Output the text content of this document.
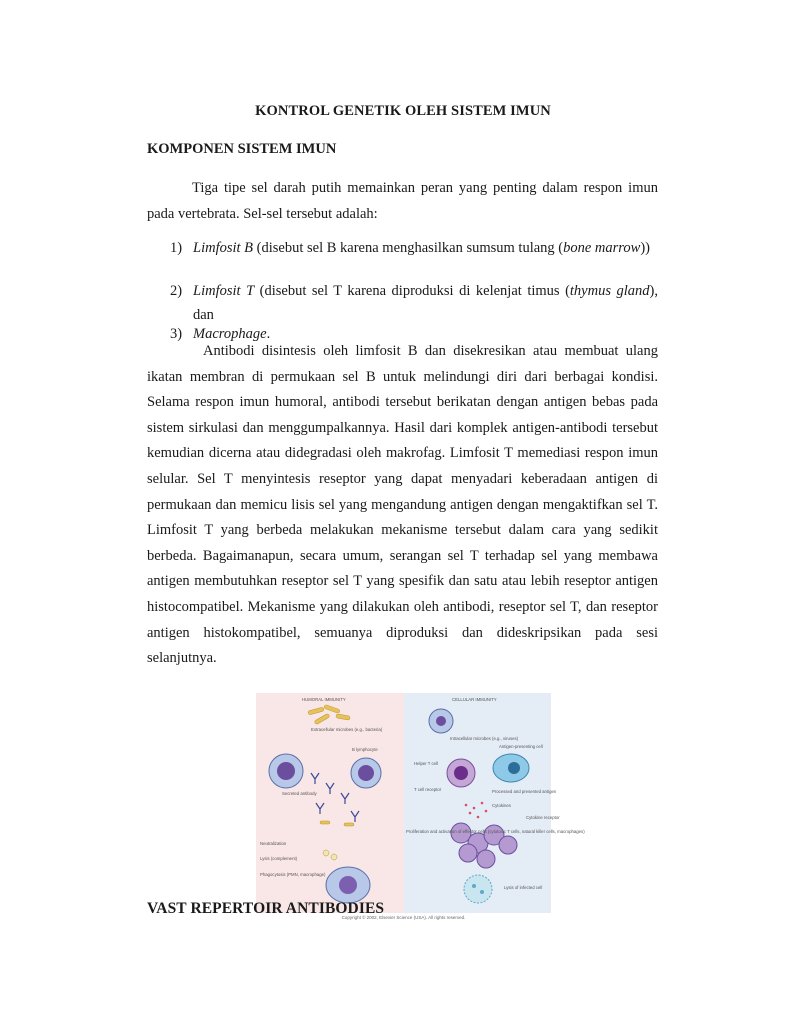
KONTROL GENETIK OLEH SISTEM IMUN
KOMPONEN SISTEM IMUN
Tiga tipe sel darah putih memainkan peran yang penting dalam respon imun pada vertebrata. Sel-sel tersebut adalah:
1) Limfosit B (disebut sel B karena menghasilkan sumsum tulang (bone marrow))
2) Limfosit T (disebut sel T karena diproduksi di kelenjat timus (thymus gland), dan
3) Macrophage.
Antibodi disintesis oleh limfosit B dan disekresikan atau membuat ulang ikatan membran di permukaan sel B untuk melindungi diri dari berbagai kondisi. Selama respon imun humoral, antibodi tersebut berikatan dengan antigen bebas pada sistem sirkulasi dan menggumpalkannya. Hasil dari komplek antigen-antibodi tersebut kemudian dicerna atau didegradasi oleh makrofag. Limfosit T memediasi respon imun selular. Sel T menyintesis reseptor yang dapat menyadari keberadaan antigen di permukaan dan memicu lisis sel yang mengandung antigen dengan mengaktifkan sel T. Limfosit T yang berbeda melakukan mekanisme tersebut dalam cara yang sedikit berbeda. Bagaimanapun, secara umum, serangan sel T terhadap sel yang membawa antigen membutuhkan reseptor sel T yang spesifik dan satu atau lebih reseptor antigen histocompatibel. Mekanisme yang dilakukan oleh antibodi, reseptor sel T, dan reseptor antigen histokompatibel, semuanya diproduksi dan dideskripsikan pada sesi selanjutnya.
HUMORAL IMMUNITY	CELLULAR IMMUNITY
Extracellular microbes (e.g., bacteria)
B lymphocyte
Secreted antibody
Neutralization
Lysis (complement)
Phagocytosis (PMN, macrophage)
Intracellular microbes (e.g., viruses)
Antigen-presenting cell
Helper T cell
Processed and presented antigen
T cell receptor
Cytokines
Cytokine receptor
Proliferation and activation of effector cells (cytotoxic T cells, natural killer cells, macrophages)
Lysis of infected cell
VAST REPERTOIR ANTIBODIES
Copyright © 2002, Elsevier Science (USA). All rights reserved.
